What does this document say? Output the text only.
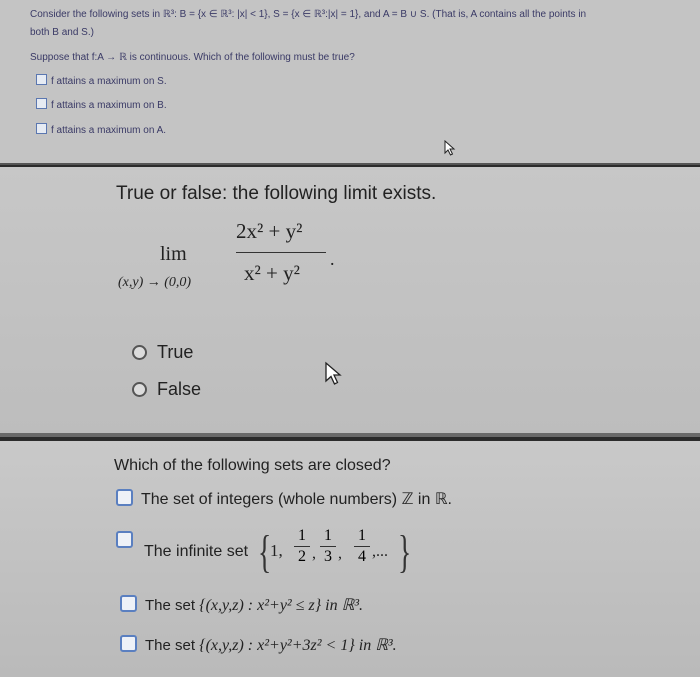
Consider the following sets in ℝ³: B = {x ∈ ℝ³: |x| < 1}, S = {x ∈ ℝ³:|x| = 1}, and A = B ∪ S. (That is, A contains all the points in
both B and S.)
Suppose that f:A → ℝ is continuous. Which of the following must be true?
f attains a maximum on S.
f attains a maximum on B.
f attains a maximum on A.
True or false: the following limit exists.
lim
(x,y) → (0,0)
2x² + y²
x² + y²
.
True
False
Which of the following sets are closed?
The set of integers (whole numbers) ℤ in ℝ.
The infinite set {
1,
1
2 ,
1
3 ,
1
4 ,... }
The set {(x,y,z) : x²+y² ≤ z} in ℝ³.
The set {(x,y,z) : x²+y²+3z² < 1} in ℝ³.
